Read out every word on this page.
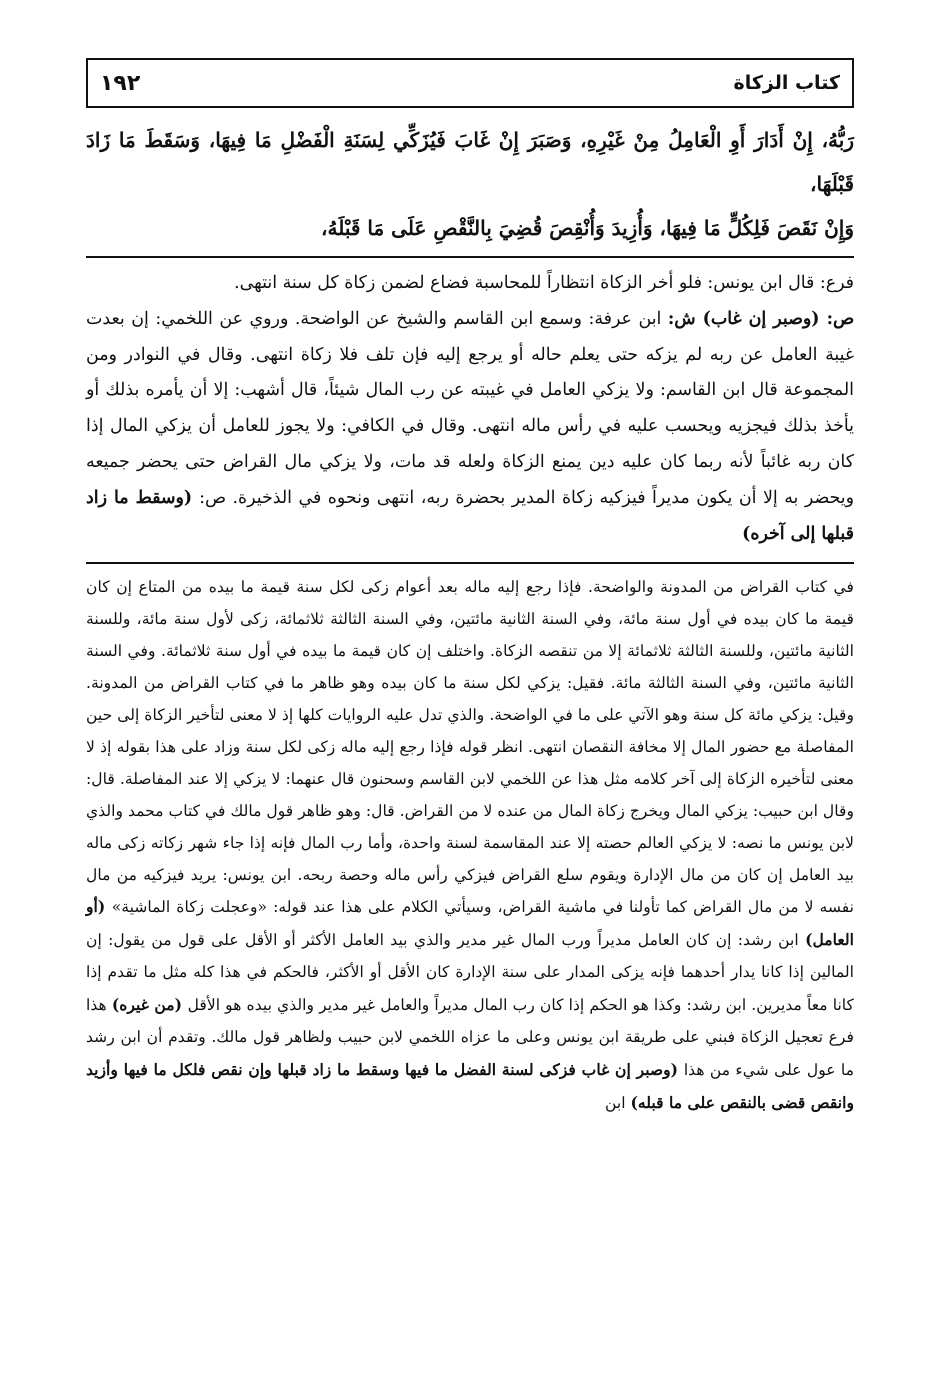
كتاب الزكاة
١٩٢

رَبُّهُ، إِنْ أَدَارَ أَوِ الْعَامِلُ مِنْ غَيْرِهِ، وَصَبَرَ إِنْ غَابَ فَيُزَكِّي لِسَنَةِ الْفَضْلِ مَا فِيهَا، وَسَقَطَ مَا زَادَ قَبْلَهَا،

وَإِنْ نَقَصَ فَلِكُلٍّ مَا فِيهَا، وَأُزِيدَ وَأُنْقِصَ قُضِيَ بِالنَّقْصِ عَلَى مَا قَبْلَهُ،

فرع: قال ابن يونس: فلو أخر الزكاة انتظاراً للمحاسبة فضاع لضمن زكاة كل سنة انتهى.

ص: (وصبر إن غاب) ش: ابن عرفة: وسمع ابن القاسم والشيخ عن الواضحة. وروي عن اللخمي: إن بعدت غيبة العامل عن ربه لم يزكه حتى يعلم حاله أو يرجع إليه فإن تلف فلا زكاة انتهى. وقال في النوادر ومن المجموعة قال ابن القاسم: ولا يزكي العامل في غيبته عن رب المال شيئاً، قال أشهب: إلا أن يأمره بذلك أو يأخذ بذلك فيجزيه ويحسب عليه في رأس ماله انتهى. وقال في الكافي: ولا يجوز للعامل أن يزكي المال إذا كان ربه غائباً لأنه ربما كان عليه دين يمنع الزكاة ولعله قد مات، ولا يزكي مال القراض حتى يحضر جميعه ويحضر به إلا أن يكون مديراً فيزكيه زكاة المدير بحضرة ربه، انتهى ونحوه في الذخيرة. ص: (وسقط ما زاد قبلها إلى آخره)

في كتاب القراض من المدونة والواضحة. فإذا رجع إليه ماله بعد أعوام زكى لكل سنة قيمة ما بيده من المتاع إن كان قيمة ما كان بيده في أول سنة مائة، وفي السنة الثانية مائتين، وفي السنة الثالثة ثلاثمائة، زكى لأول سنة مائة، وللسنة الثانية مائتين، وللسنة الثالثة ثلاثمائة إلا من تنقصه الزكاة. واختلف إن كان قيمة ما بيده في أول سنة ثلاثمائة. وفي السنة الثانية مائتين، وفي السنة الثالثة مائة. فقيل: يزكي لكل سنة ما كان بيده وهو ظاهر ما في كتاب القراض من المدونة. وقيل: يزكي مائة كل سنة وهو الآتي على ما في الواضحة. والذي تدل عليه الروايات كلها إذ لا معنى لتأخير الزكاة إلى حين المفاصلة مع حضور المال إلا مخافة النقصان انتهى. انظر قوله فإذا رجع إليه ماله زكى لكل سنة وزاد على هذا بقوله إذ لا معنى لتأخيره الزكاة إلى آخر كلامه مثل هذا عن اللخمي لابن القاسم وسحنون قال عنهما: لا يزكي إلا عند المفاصلة. قال: وقال ابن حبيب: يزكي المال ويخرج زكاة المال من عنده لا من القراض. قال: وهو ظاهر قول مالك في كتاب محمد والذي لابن يونس ما نصه: لا يزكي العالم حصته إلا عند المقاسمة لسنة واحدة، وأما رب المال فإنه إذا جاء شهر زكاته زكى ماله بيد العامل إن كان من مال الإدارة ويقوم سلع القراض فيزكي رأس ماله وحصة ربحه. ابن يونس: يريد فيزكيه من مال نفسه لا من مال القراض كما تأولنا في ماشية القراض، وسيأتي الكلام على هذا عند قوله: «وعجلت زكاة الماشية» (أو العامل) ابن رشد: إن كان العامل مديراً ورب المال غير مدير والذي بيد العامل الأكثر أو الأقل على قول من يقول: إن المالين إذا كانا يدار أحدهما فإنه يزكى المدار على سنة الإدارة كان الأقل أو الأكثر، فالحكم في هذا كله مثل ما تقدم إذا كانا معاً مديرين. ابن رشد: وكذا هو الحكم إذا كان رب المال مديراً والعامل غير مدير والذي بيده هو الأقل (من غيره) هذا فرع تعجيل الزكاة فبني على طريقة ابن يونس وعلى ما عزاه اللخمي لابن حبيب ولظاهر قول مالك. وتقدم أن ابن رشد ما عول على شيء من هذا (وصبر إن غاب فزكى لسنة الفضل ما فيها وسقط ما زاد قبلها وإن نقص فلكل ما فيها وأزيد وانقص قضى بالنقص على ما قبله) ابن
